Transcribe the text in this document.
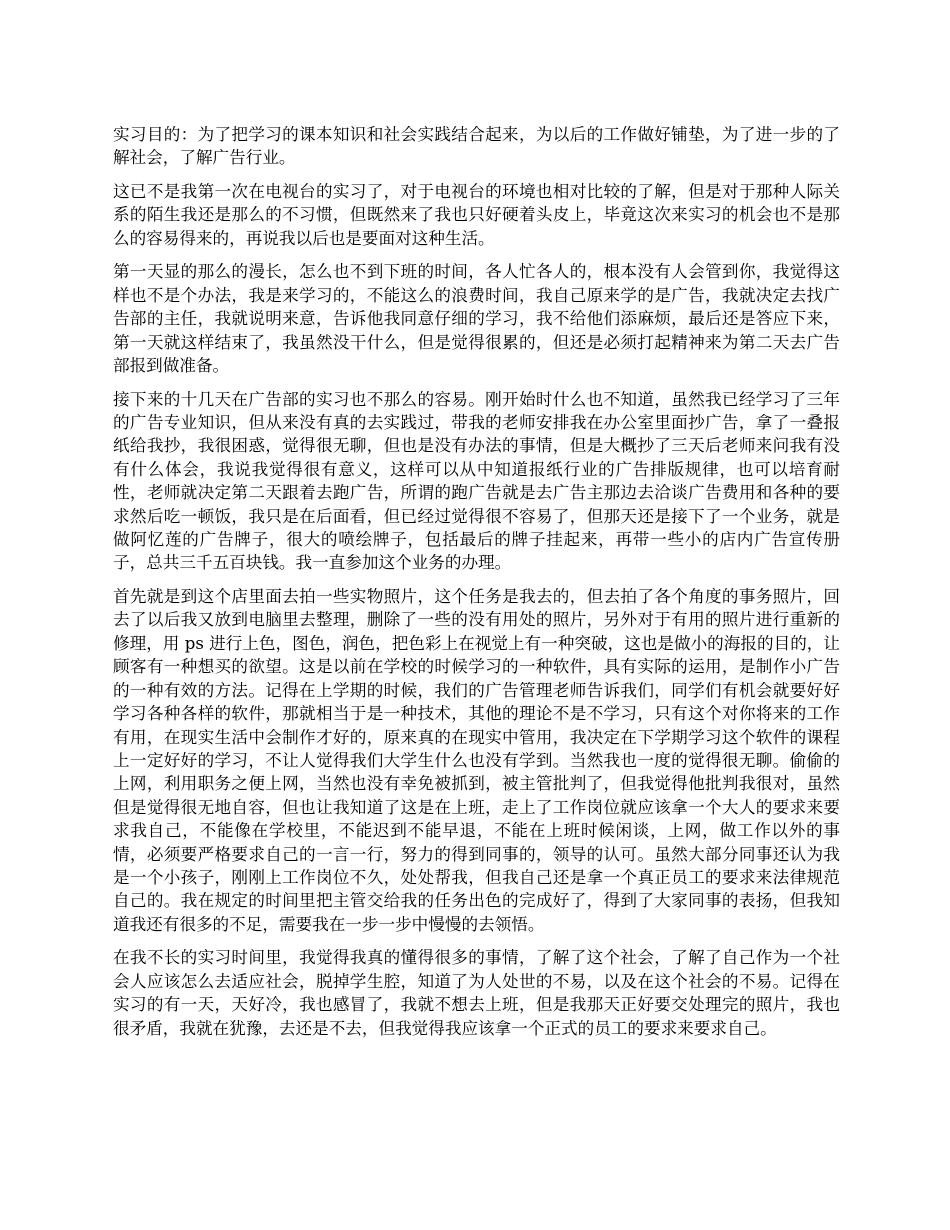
实习目的：为了把学习的课本知识和社会实践结合起来，为以后的工作做好铺垫，为了进一步的了解社会，了解广告行业。

这已不是我第一次在电视台的实习了，对于电视台的环境也相对比较的了解，但是对于那种人际关系的陌生我还是那么的不习惯，但既然来了我也只好硬着头皮上，毕竟这次来实习的机会也不是那么的容易得来的，再说我以后也是要面对这种生活。

第一天显的那么的漫长，怎么也不到下班的时间，各人忙各人的，根本没有人会管到你，我觉得这样也不是个办法，我是来学习的，不能这么的浪费时间，我自己原来学的是广告，我就决定去找广告部的主任，我就说明来意，告诉他我同意仔细的学习，我不给他们添麻烦，最后还是答应下来，第一天就这样结束了，我虽然没干什么，但是觉得很累的，但还是必须打起精神来为第二天去广告部报到做准备。

接下来的十几天在广告部的实习也不那么的容易。刚开始时什么也不知道，虽然我已经学习了三年的广告专业知识，但从来没有真的去实践过，带我的老师安排我在办公室里面抄广告，拿了一叠报纸给我抄，我很困惑，觉得很无聊，但也是没有办法的事情，但是大概抄了三天后老师来问我有没有什么体会，我说我觉得很有意义，这样可以从中知道报纸行业的广告排版规律，也可以培育耐性，老师就决定第二天跟着去跑广告，所谓的跑广告就是去广告主那边去洽谈广告费用和各种的要求然后吃一顿饭，我只是在后面看，但已经过觉得很不容易了，但那天还是接下了一个业务，就是做阿忆莲的广告牌子，很大的喷绘牌子，包括最后的牌子挂起来，再带一些小的店内广告宣传册子，总共三千五百块钱。我一直参加这个业务的办理。

首先就是到这个店里面去拍一些实物照片，这个任务是我去的，但去拍了各个角度的事务照片，回去了以后我又放到电脑里去整理，删除了一些的没有用处的照片，另外对于有用的照片进行重新的修理，用 ps 进行上色，图色，润色，把色彩上在视觉上有一种突破，这也是做小的海报的目的，让顾客有一种想买的欲望。这是以前在学校的时候学习的一种软件，具有实际的运用，是制作小广告的一种有效的方法。记得在上学期的时候，我们的广告管理老师告诉我们，同学们有机会就要好好学习各种各样的软件，那就相当于是一种技术，其他的理论不是不学习，只有这个对你将来的工作有用，在现实生活中会制作才好的，原来真的在现实中管用，我决定在下学期学习这个软件的课程上一定好好的学习，不让人觉得我们大学生什么也没有学到。当然我也一度的觉得很无聊。偷偷的上网，利用职务之便上网，当然也没有幸免被抓到，被主管批判了，但我觉得他批判我很对，虽然但是觉得很无地自容，但也让我知道了这是在上班，走上了工作岗位就应该拿一个大人的要求来要求我自己，不能像在学校里，不能迟到不能早退，不能在上班时候闲谈，上网，做工作以外的事情，必须要严格要求自己的一言一行，努力的得到同事的，领导的认可。虽然大部分同事还认为我是一个小孩子，刚刚上工作岗位不久，处处帮我，但我自己还是拿一个真正员工的要求来法律规范自己的。我在规定的时间里把主管交给我的任务出色的完成好了，得到了大家同事的表扬，但我知道我还有很多的不足，需要我在一步一步中慢慢的去领悟。

在我不长的实习时间里，我觉得我真的懂得很多的事情，了解了这个社会，了解了自己作为一个社会人应该怎么去适应社会，脱掉学生腔，知道了为人处世的不易，以及在这个社会的不易。记得在实习的有一天，天好冷，我也感冒了，我就不想去上班，但是我那天正好要交处理完的照片，我也很矛盾，我就在犹豫，去还是不去，但我觉得我应该拿一个正式的员工的要求来要求自己。
